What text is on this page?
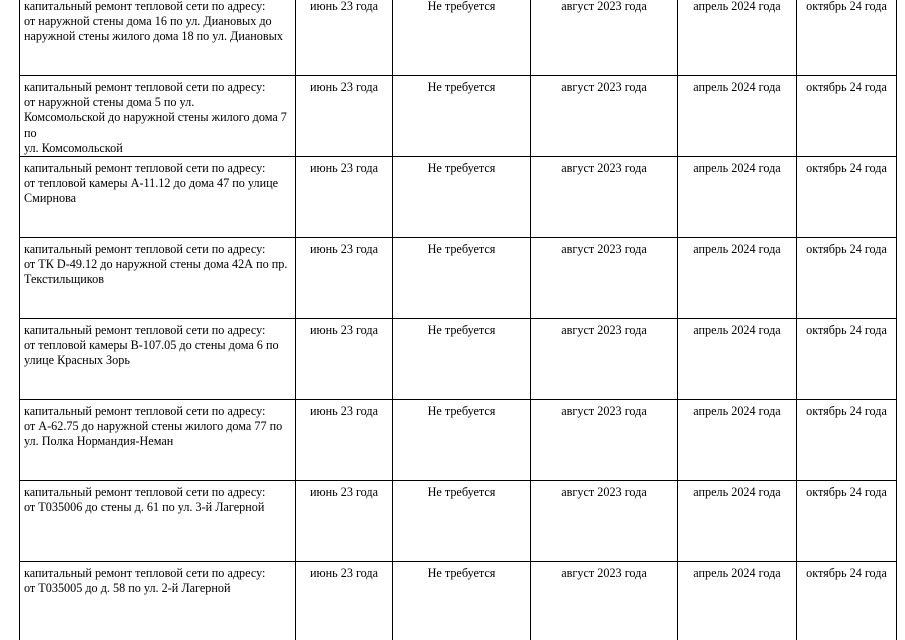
капитальный ремонт тепловой сети по адресу:
от наружной стены дома 16 по ул. Диановых до наружной стены жилого дома 18 по ул. Диановых	июнь 23 года	Не требуется	август 2023 года	апрель 2024 года	октябрь 24 года

капитальный ремонт тепловой сети по адресу:
от наружной стены дома 5 по ул.
Комсомольской до наружной стены жилого дома 7 по
ул. Комсомольской	июнь 23 года	Не требуется	август 2023 года	апрель 2024 года	октябрь 24 года

капитальный ремонт тепловой сети по адресу:
от тепловой камеры А-11.12 до дома 47 по улице Смирнова	июнь 23 года	Не требуется	август 2023 года	апрель 2024 года	октябрь 24 года

капитальный ремонт тепловой сети по адресу:
от ТК D-49.12 до наружной стены дома 42А по пр. Текстильщиков	июнь 23 года	Не требуется	август 2023 года	апрель 2024 года	октябрь 24 года

капитальный ремонт тепловой сети по адресу:
от тепловой камеры В-107.05 до стены дома 6 по улице Красных Зорь	июнь 23 года	Не требуется	август 2023 года	апрель 2024 года	октябрь 24 года

капитальный ремонт тепловой сети по адресу:
от А-62.75 до наружной стены жилого дома 77 по ул. Полка Нормандия-Неман	июнь 23 года	Не требуется	август 2023 года	апрель 2024 года	октябрь 24 года

капитальный ремонт тепловой сети по адресу:
от Т035006 до стены д. 61 по ул. 3-й Лагерной	июнь 23 года	Не требуется	август 2023 года	апрель 2024 года	октябрь 24 года

капитальный ремонт тепловой сети по адресу:
от Т035005 до д. 58 по ул. 2-й Лагерной	июнь 23 года	Не требуется	август 2023 года	апрель 2024 года	октябрь 24 года
